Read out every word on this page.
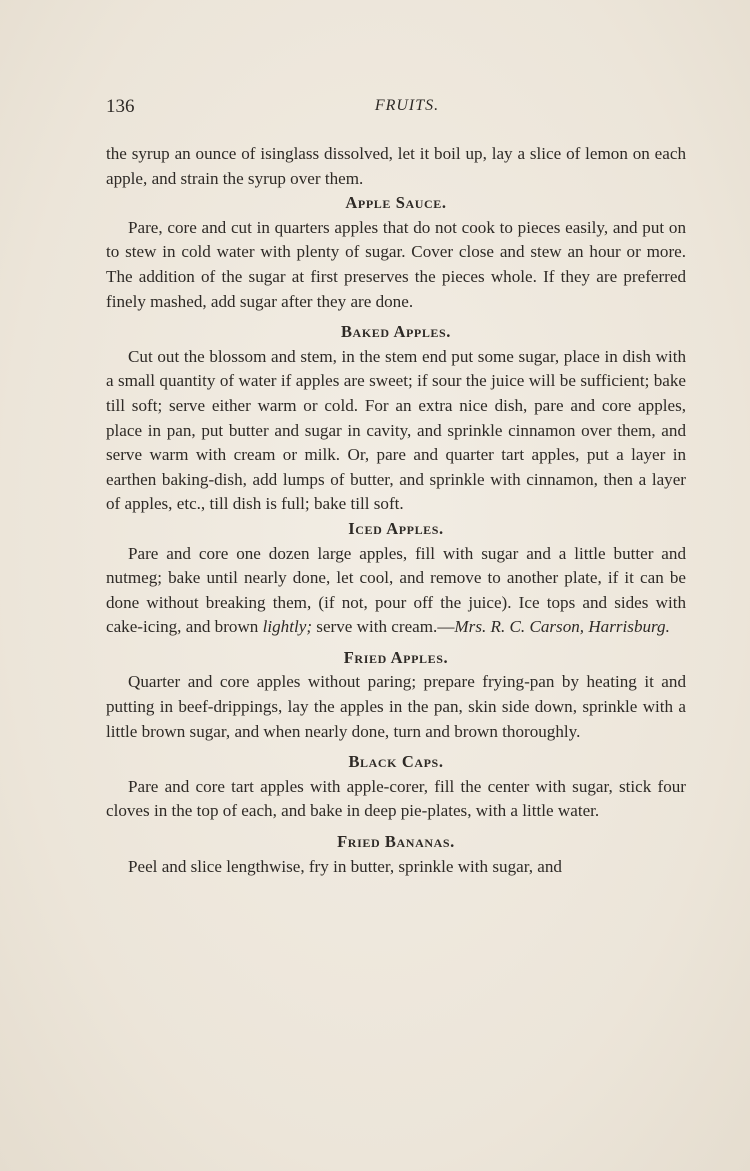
136	FRUITS.

the syrup an ounce of isinglass dissolved, let it boil up, lay a slice of lemon on each apple, and strain the syrup over them.

Apple Sauce.

Pare, core and cut in quarters apples that do not cook to pieces easily, and put on to stew in cold water with plenty of sugar. Cover close and stew an hour or more. The addition of the sugar at first preserves the pieces whole. If they are preferred finely mashed, add sugar after they are done.

Baked Apples.

Cut out the blossom and stem, in the stem end put some sugar, place in dish with a small quantity of water if apples are sweet; if sour the juice will be sufficient; bake till soft; serve either warm or cold. For an extra nice dish, pare and core apples, place in pan, put butter and sugar in cavity, and sprinkle cinnamon over them, and serve warm with cream or milk. Or, pare and quarter tart apples, put a layer in earthen baking-dish, add lumps of butter, and sprinkle with cinnamon, then a layer of apples, etc., till dish is full; bake till soft.

Iced Apples.

Pare and core one dozen large apples, fill with sugar and a little butter and nutmeg; bake until nearly done, let cool, and remove to another plate, if it can be done without breaking them, (if not, pour off the juice). Ice tops and sides with cake-icing, and brown lightly; serve with cream.—Mrs. R. C. Carson, Harrisburg.

Fried Apples.

Quarter and core apples without paring; prepare frying-pan by heating it and putting in beef-drippings, lay the apples in the pan, skin side down, sprinkle with a little brown sugar, and when nearly done, turn and brown thoroughly.

Black Caps.

Pare and core tart apples with apple-corer, fill the center with sugar, stick four cloves in the top of each, and bake in deep pie-plates, with a little water.

Fried Bananas.

Peel and slice lengthwise, fry in butter, sprinkle with sugar, and
